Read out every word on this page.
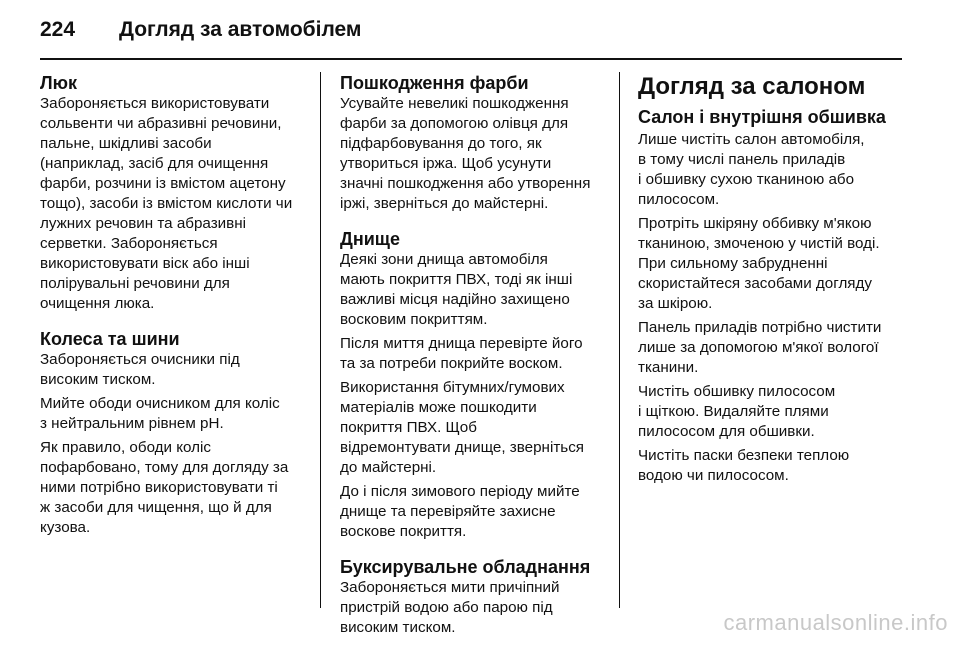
224 Догляд за автомобілем
Люк

Забороняється використовувати
сольвенти чи абразивні речовини,
пальне, шкідливі засоби
(наприклад, засіб для очищення
фарби, розчини із вмістом ацетону
тощо), засоби із вмістом кислоти чи
лужних речовин та абразивні
серветки. Забороняється
використовувати віск або інші
полірувальні речовини для
очищення люка.

Колеса та шини

Забороняється очисники під
високим тиском.

Мийте ободи очисником для коліс
з нейтральним рівнем pH.

Як правило, ободи коліс
пофарбовано, тому для догляду за
ними потрібно використовувати ті
ж засоби для чищення, що й для
кузова.

Пошкодження фарби

Усувайте невеликі пошкодження
фарби за допомогою олівця для
підфарбовування до того, як
утвориться іржа. Щоб усунути
значні пошкодження або утворення
іржі, зверніться до майстерні.

Днище

Деякі зони днища автомобіля
мають покриття ПВХ, тоді як інші
важливі місця надійно захищено
восковим покриттям.

Після миття днища перевірте його
та за потреби покрийте воском.

Використання бітумних/гумових
матеріалів може пошкодити
покриття ПВХ. Щоб
відремонтувати днище, зверніться
до майстерні.

До і після зимового періоду мийте
днище та перевіряйте захисне
воскове покриття.

Буксирувальне обладнання

Забороняється мити причіпний
пристрій водою або парою під
високим тиском.

Догляд за салоном
Салон і внутрішня обшивка

Лише чистіть салон автомобіля,
в тому числі панель приладів
і обшивку сухою тканиною або
пилососом.

Протріть шкіряну оббивку м'якою
тканиною, змоченою у чистій воді.
При сильному забрудненні
скористайтеся засобами догляду
за шкірою.

Панель приладів потрібно чистити
лише за допомогою м'якої вологої
тканини.

Чистіть обшивку пилососом
і щіткою. Видаляйте плями
пилососом для обшивки.

Чистіть паски безпеки теплою
водою чи пилососом.

carmanualsonline.info
